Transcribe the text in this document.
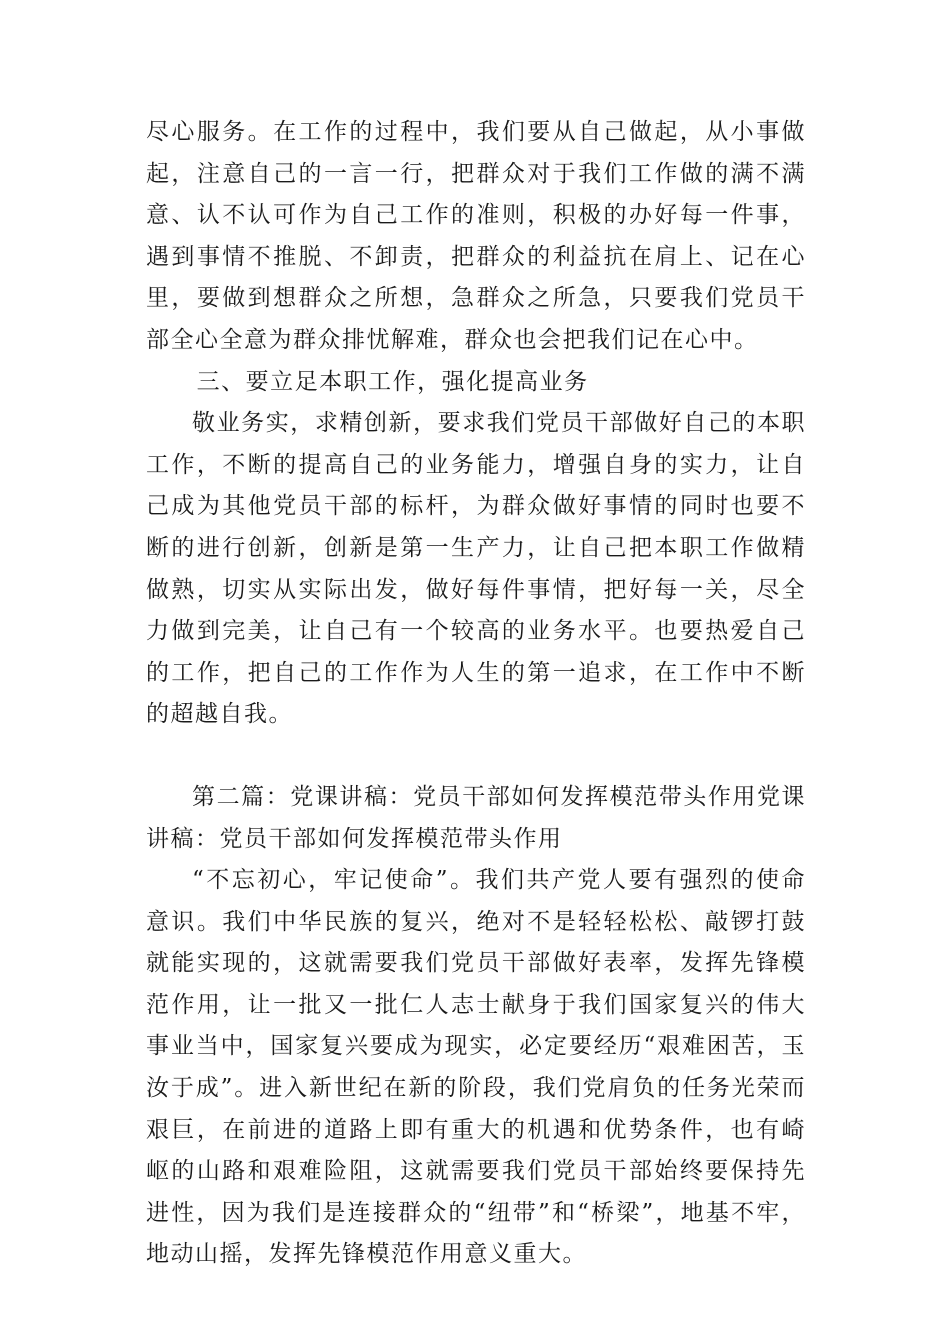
尽心服务。在工作的过程中，我们要从自己做起，从小事做起，注意自己的一言一行，把群众对于我们工作做的满不满意、认不认可作为自己工作的准则，积极的办好每一件事，遇到事情不推脱、不卸责，把群众的利益抗在肩上、记在心里，要做到想群众之所想，急群众之所急，只要我们党员干部全心全意为群众排忧解难，群众也会把我们记在心中。

三、要立足本职工作，强化提高业务

敬业务实，求精创新，要求我们党员干部做好自己的本职工作，不断的提高自己的业务能力，增强自身的实力，让自己成为其他党员干部的标杆，为群众做好事情的同时也要不断的进行创新，创新是第一生产力，让自己把本职工作做精做熟，切实从实际出发，做好每件事情，把好每一关，尽全力做到完美，让自己有一个较高的业务水平。也要热爱自己的工作，把自己的工作作为人生的第一追求，在工作中不断的超越自我。

第二篇：党课讲稿：党员干部如何发挥模范带头作用党课讲稿：党员干部如何发挥模范带头作用

“不忘初心，牢记使命”。我们共产党人要有强烈的使命意识。我们中华民族的复兴，绝对不是轻轻松松、敲锣打鼓就能实现的，这就需要我们党员干部做好表率，发挥先锋模范作用，让一批又一批仁人志士献身于我们国家复兴的伟大事业当中，国家复兴要成为现实，必定要经历“艰难困苦，玉汝于成”。进入新世纪在新的阶段，我们党肩负的任务光荣而艰巨，在前进的道路上即有重大的机遇和优势条件，也有崎岖的山路和艰难险阻，这就需要我们党员干部始终要保持先进性，因为我们是连接群众的“纽带”和“桥梁”，地基不牢，地动山摇，发挥先锋模范作用意义重大。
